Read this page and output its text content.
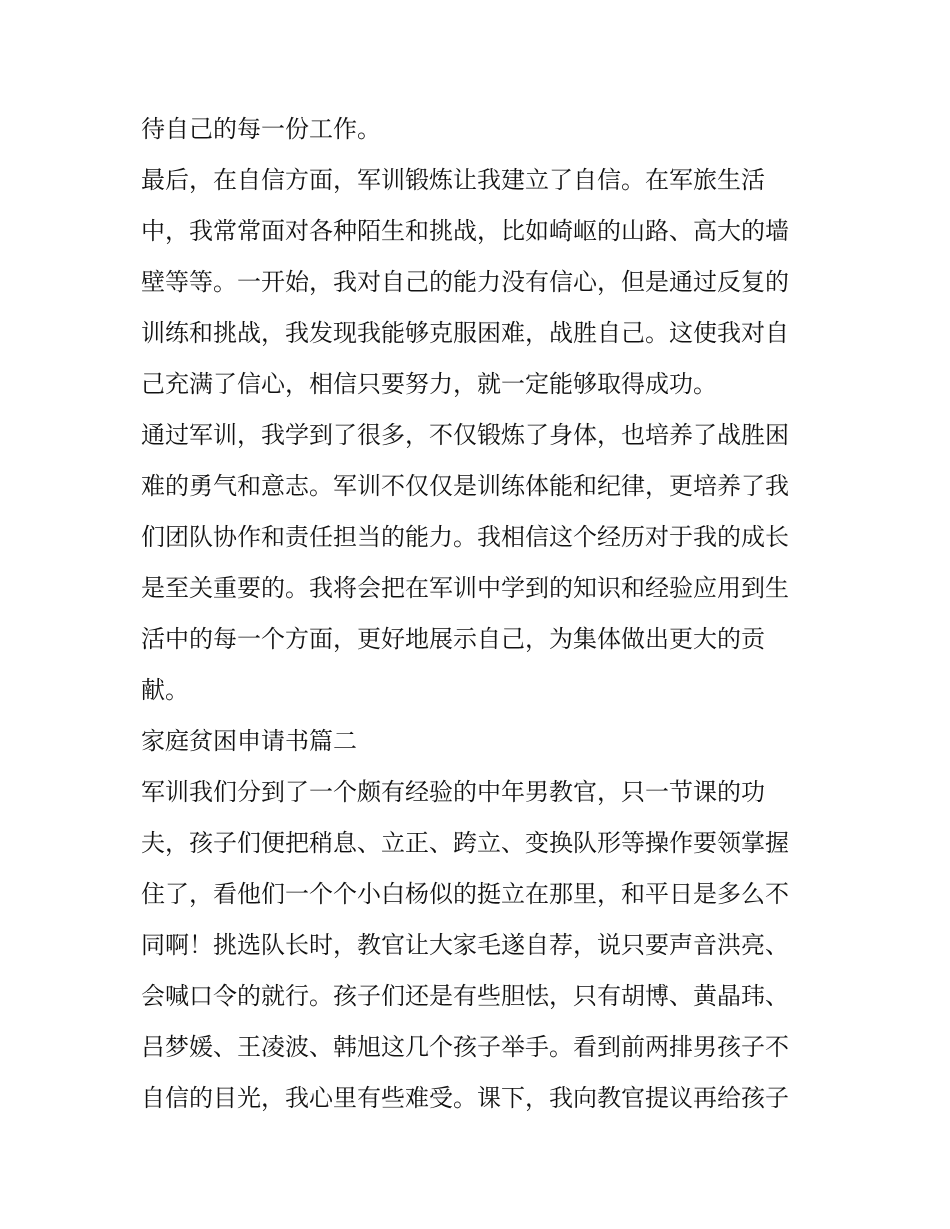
待自己的每一份工作。
最后，在自信方面，军训锻炼让我建立了自信。在军旅生活
中，我常常面对各种陌生和挑战，比如崎岖的山路、高大的墙
壁等等。一开始，我对自己的能力没有信心，但是通过反复的
训练和挑战，我发现我能够克服困难，战胜自己。这使我对自
己充满了信心，相信只要努力，就一定能够取得成功。
通过军训，我学到了很多，不仅锻炼了身体，也培养了战胜困
难的勇气和意志。军训不仅仅是训练体能和纪律，更培养了我
们团队协作和责任担当的能力。我相信这个经历对于我的成长
是至关重要的。我将会把在军训中学到的知识和经验应用到生
活中的每一个方面，更好地展示自己，为集体做出更大的贡
献。
家庭贫困申请书篇二
军训我们分到了一个颇有经验的中年男教官，只一节课的功
夫，孩子们便把稍息、立正、跨立、变换队形等操作要领掌握
住了，看他们一个个小白杨似的挺立在那里，和平日是多么不
同啊！挑选队长时，教官让大家毛遂自荐，说只要声音洪亮、
会喊口令的就行。孩子们还是有些胆怯，只有胡博、黄晶玮、
吕梦媛、王凌波、韩旭这几个孩子举手。看到前两排男孩子不
自信的目光，我心里有些难受。课下，我向教官提议再给孩子
